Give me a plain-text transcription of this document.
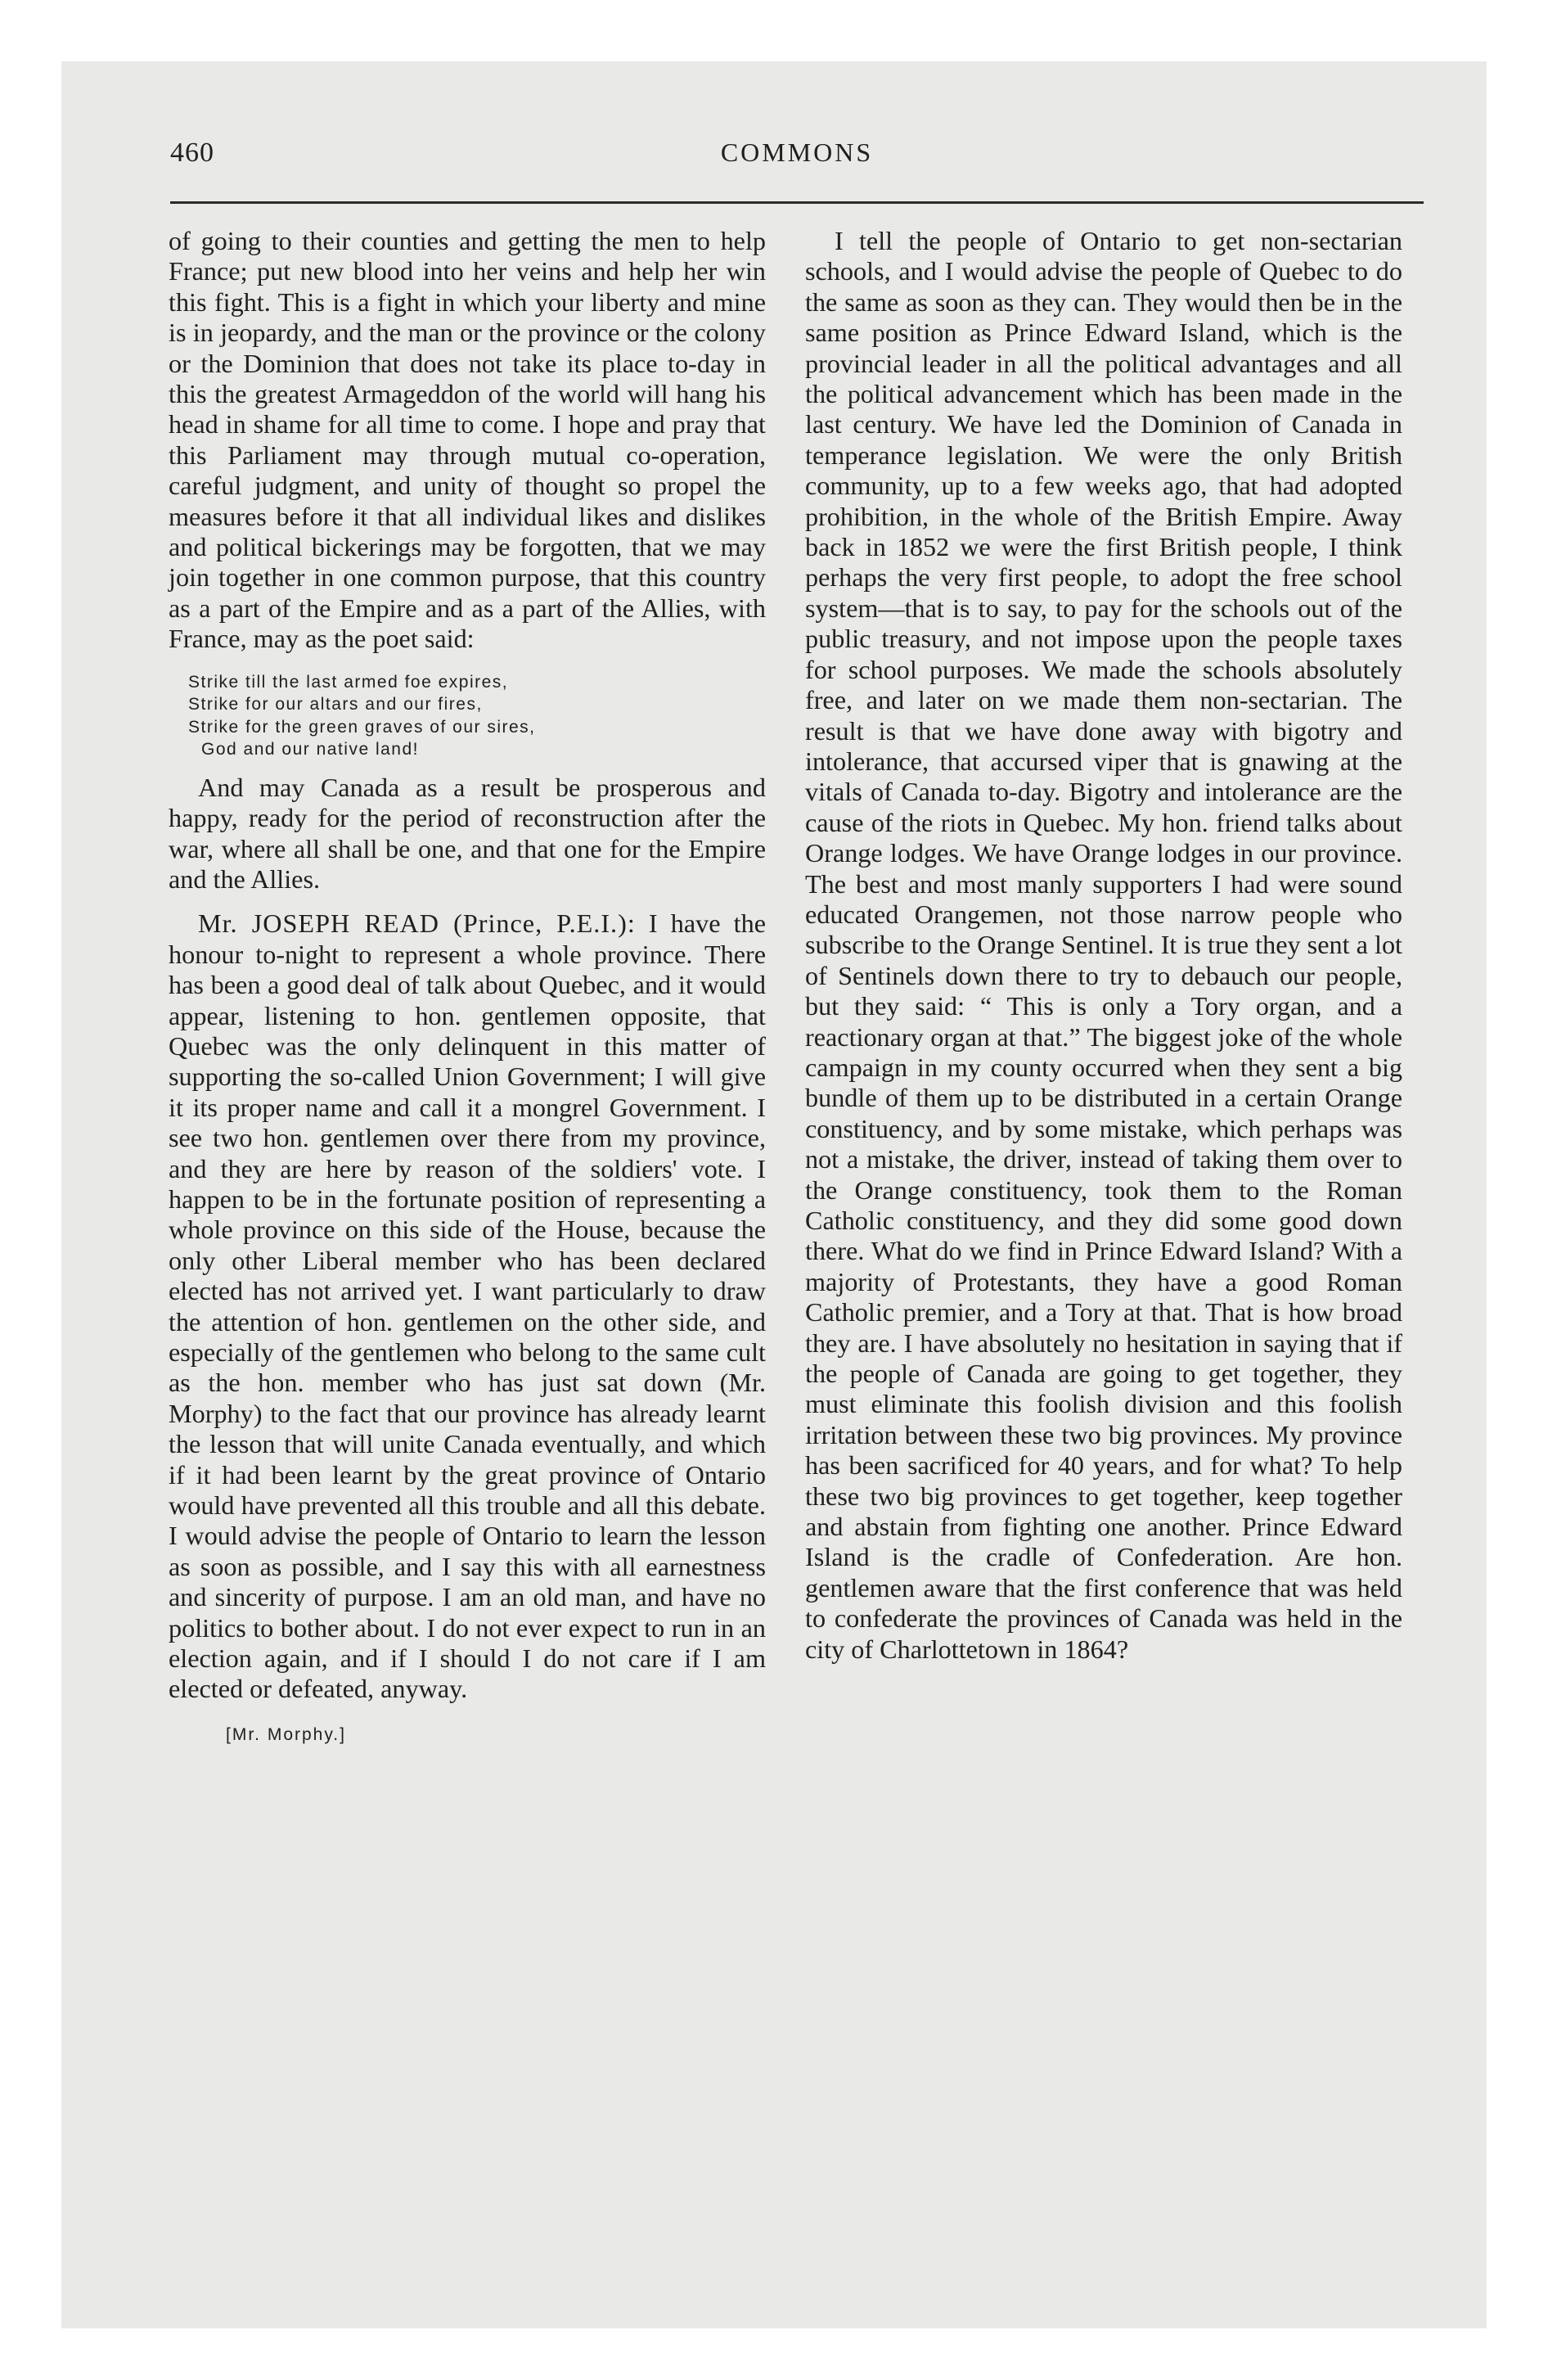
460	COMMONS

of going to their counties and getting the men to help France; put new blood into her veins and help her win this fight. This is a fight in which your liberty and mine is in jeopardy, and the man or the province or the colony or the Dominion that does not take its place to-day in this the greatest Armageddon of the world will hang his head in shame for all time to come. I hope and pray that this Parliament may through mutual co-operation, careful judgment, and unity of thought so propel the measures before it that all individual likes and dislikes and political bickerings may be forgotten, that we may join together in one common purpose, that this country as a part of the Empire and as a part of the Allies, with France, may as the poet said:

Strike till the last armed foe expires,
Strike for our altars and our fires,
Strike for the green graves of our sires,
God and our native land!

And may Canada as a result be prosperous and happy, ready for the period of reconstruction after the war, where all shall be one, and that one for the Empire and the Allies.

Mr. JOSEPH READ (Prince, P.E.I.): I have the honour to-night to represent a whole province. There has been a good deal of talk about Quebec, and it would appear, listening to hon. gentlemen opposite, that Quebec was the only delinquent in this matter of supporting the so-called Union Government; I will give it its proper name and call it a mongrel Government. I see two hon. gentlemen over there from my province, and they are here by reason of the soldiers' vote. I happen to be in the fortunate position of representing a whole province on this side of the House, because the only other Liberal member who has been declared elected has not arrived yet. I want particularly to draw the attention of hon. gentlemen on the other side, and especially of the gentlemen who belong to the same cult as the hon. member who has just sat down (Mr. Morphy) to the fact that our province has already learnt the lesson that will unite Canada eventually, and which if it had been learnt by the great province of Ontario would have prevented all this trouble and all this debate. I would advise the people of Ontario to learn the lesson as soon as possible, and I say this with all earnestness and sincerity of purpose. I am an old man, and have no politics to bother about. I do not ever expect to run in an election again, and if I should I do not care if I am elected or defeated, anyway.

[Mr. Morphy.]

I tell the people of Ontario to get non-sectarian schools, and I would advise the people of Quebec to do the same as soon as they can. They would then be in the same position as Prince Edward Island, which is the provincial leader in all the political advantages and all the political advancement which has been made in the last century. We have led the Dominion of Canada in temperance legislation. We were the only British community, up to a few weeks ago, that had adopted prohibition, in the whole of the British Empire. Away back in 1852 we were the first British people, I think perhaps the very first people, to adopt the free school system—that is to say, to pay for the schools out of the public treasury, and not impose upon the people taxes for school purposes. We made the schools absolutely free, and later on we made them non-sectarian. The result is that we have done away with bigotry and intolerance, that accursed viper that is gnawing at the vitals of Canada to-day. Bigotry and intolerance are the cause of the riots in Quebec. My hon. friend talks about Orange lodges. We have Orange lodges in our province. The best and most manly supporters I had were sound educated Orangemen, not those narrow people who subscribe to the Orange Sentinel. It is true they sent a lot of Sentinels down there to try to debauch our people, but they said: “ This is only a Tory organ, and a reactionary organ at that.” The biggest joke of the whole campaign in my county occurred when they sent a big bundle of them up to be distributed in a certain Orange constituency, and by some mistake, which perhaps was not a mistake, the driver, instead of taking them over to the Orange constituency, took them to the Roman Catholic constituency, and they did some good down there. What do we find in Prince Edward Island? With a majority of Protestants, they have a good Roman Catholic premier, and a Tory at that. That is how broad they are. I have absolutely no hesitation in saying that if the people of Canada are going to get together, they must eliminate this foolish division and this foolish irritation between these two big provinces. My province has been sacrificed for 40 years, and for what? To help these two big provinces to get together, keep together and abstain from fighting one another. Prince Edward Island is the cradle of Confederation. Are hon. gentlemen aware that the first conference that was held to confederate the provinces of Canada was held in the city of Charlottetown in 1864?
